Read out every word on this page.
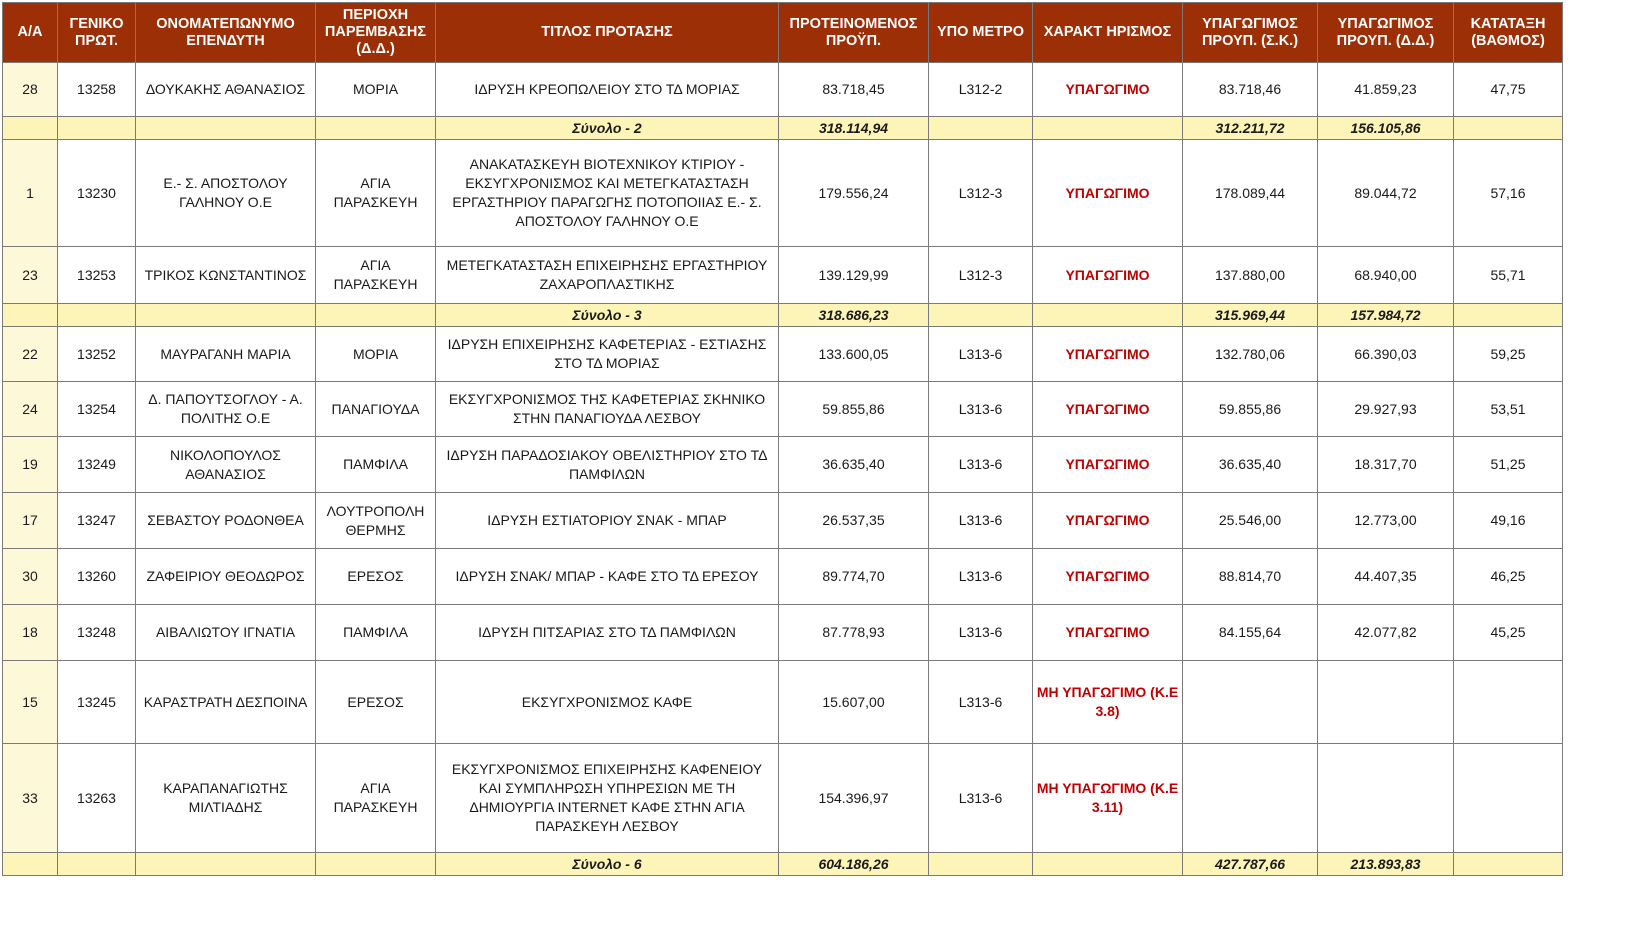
Α/Α	ΓΕΝΙΚΟ ΠΡΩΤ.	ΟΝΟΜΑΤΕΠΩΝΥΜΟ ΕΠΕΝΔΥΤΗ	ΠΕΡΙΟΧΗ ΠΑΡΕΜΒΑΣΗΣ (Δ.Δ.)	ΤΙΤΛΟΣ ΠΡΟΤΑΣΗΣ	ΠΡΟΤΕΙΝΟΜΕΝΟΣ ΠΡΟΫΠ.	ΥΠΟ ΜΕΤΡΟ	ΧΑΡΑΚΤ ΗΡΙΣΜΟΣ	ΥΠΑΓΩΓΙΜΟΣ ΠΡΟΥΠ. (Σ.Κ.)	ΥΠΑΓΩΓΙΜΟΣ ΠΡΟΥΠ. (Δ.Δ.)	ΚΑΤΑΤΑΞΗ (ΒΑΘΜΟΣ)
28	13258	ΔΟΥΚΑΚΗΣ ΑΘΑΝΑΣΙΟΣ	ΜΟΡΙΑ	ΙΔΡΥΣΗ ΚΡΕΟΠΩΛΕΙΟΥ ΣΤΟ ΤΔ ΜΟΡΙΑΣ	83.718,45	L312-2	ΥΠΑΓΩΓΙΜΟ	83.718,46	41.859,23	47,75
				Σύνολο - 2	318.114,94			312.211,72	156.105,86	
1	13230	Ε.- Σ. ΑΠΟΣΤΟΛΟΥ ΓΑΛΗΝΟΥ Ο.Ε	ΑΓΙΑ ΠΑΡΑΣΚΕΥΗ	ΑΝΑΚΑΤΑΣΚΕΥΗ ΒΙΟΤΕΧΝΙΚΟΥ ΚΤΙΡΙΟΥ - ΕΚΣΥΓΧΡΟΝΙΣΜΟΣ ΚΑΙ ΜΕΤΕΓΚΑΤΑΣΤΑΣΗ ΕΡΓΑΣΤΗΡΙΟΥ ΠΑΡΑΓΩΓΗΣ ΠΟΤΟΠΟΙΙΑΣ Ε.- Σ. ΑΠΟΣΤΟΛΟΥ ΓΑΛΗΝΟΥ Ο.Ε	179.556,24	L312-3	ΥΠΑΓΩΓΙΜΟ	178.089,44	89.044,72	57,16
23	13253	ΤΡΙΚΟΣ ΚΩΝΣΤΑΝΤΙΝΟΣ	ΑΓΙΑ ΠΑΡΑΣΚΕΥΗ	ΜΕΤΕΓΚΑΤΑΣΤΑΣΗ ΕΠΙΧΕΙΡΗΣΗΣ ΕΡΓΑΣΤΗΡΙΟΥ ΖΑΧΑΡΟΠΛΑΣΤΙΚΗΣ	139.129,99	L312-3	ΥΠΑΓΩΓΙΜΟ	137.880,00	68.940,00	55,71
				Σύνολο - 3	318.686,23			315.969,44	157.984,72	
22	13252	ΜΑΥΡΑΓΑΝΗ ΜΑΡΙΑ	ΜΟΡΙΑ	ΙΔΡΥΣΗ ΕΠΙΧΕΙΡΗΣΗΣ ΚΑΦΕΤΕΡΙΑΣ - ΕΣΤΙΑΣΗΣ ΣΤΟ ΤΔ ΜΟΡΙΑΣ	133.600,05	L313-6	ΥΠΑΓΩΓΙΜΟ	132.780,06	66.390,03	59,25
24	13254	Δ. ΠΑΠΟΥΤΣΟΓΛΟΥ - Α. ΠΟΛΙΤΗΣ Ο.Ε	ΠΑΝΑΓΙΟΥΔΑ	ΕΚΣΥΓΧΡΟΝΙΣΜΟΣ ΤΗΣ ΚΑΦΕΤΕΡΙΑΣ ΣΚΗΝΙΚΟ ΣΤΗΝ ΠΑΝΑΓΙΟΥΔΑ ΛΕΣΒΟΥ	59.855,86	L313-6	ΥΠΑΓΩΓΙΜΟ	59.855,86	29.927,93	53,51
19	13249	ΝΙΚΟΛΟΠΟΥΛΟΣ ΑΘΑΝΑΣΙΟΣ	ΠΑΜΦΙΛΑ	ΙΔΡΥΣΗ ΠΑΡΑΔΟΣΙΑΚΟΥ ΟΒΕΛΙΣΤΗΡΙΟΥ ΣΤΟ ΤΔ ΠΑΜΦΙΛΩΝ	36.635,40	L313-6	ΥΠΑΓΩΓΙΜΟ	36.635,40	18.317,70	51,25
17	13247	ΣΕΒΑΣΤΟΥ ΡΟΔΟΝΘΕΑ	ΛΟΥΤΡΟΠΟΛΗ ΘΕΡΜΗΣ	ΙΔΡΥΣΗ ΕΣΤΙΑΤΟΡΙΟΥ ΣΝΑΚ - ΜΠΑΡ	26.537,35	L313-6	ΥΠΑΓΩΓΙΜΟ	25.546,00	12.773,00	49,16
30	13260	ΖΑΦΕΙΡΙΟΥ ΘΕΟΔΩΡΟΣ	ΕΡΕΣΟΣ	ΙΔΡΥΣΗ ΣΝΑΚ/ ΜΠΑΡ - ΚΑΦΕ ΣΤΟ ΤΔ ΕΡΕΣΟΥ	89.774,70	L313-6	ΥΠΑΓΩΓΙΜΟ	88.814,70	44.407,35	46,25
18	13248	ΑΙΒΑΛΙΩΤΟΥ ΙΓΝΑΤΙΑ	ΠΑΜΦΙΛΑ	ΙΔΡΥΣΗ ΠΙΤΣΑΡΙΑΣ ΣΤΟ ΤΔ ΠΑΜΦΙΛΩΝ	87.778,93	L313-6	ΥΠΑΓΩΓΙΜΟ	84.155,64	42.077,82	45,25
15	13245	ΚΑΡΑΣΤΡΑΤΗ ΔΕΣΠΟΙΝΑ	ΕΡΕΣΟΣ	ΕΚΣΥΓΧΡΟΝΙΣΜΟΣ ΚΑΦΕ	15.607,00	L313-6	ΜΗ ΥΠΑΓΩΓΙΜΟ (Κ.Ε 3.8)			
33	13263	ΚΑΡΑΠΑΝΑΓΙΩΤΗΣ ΜΙΛΤΙΑΔΗΣ	ΑΓΙΑ ΠΑΡΑΣΚΕΥΗ	ΕΚΣΥΓΧΡΟΝΙΣΜΟΣ ΕΠΙΧΕΙΡΗΣΗΣ ΚΑΦΕΝΕΙΟΥ ΚΑΙ ΣΥΜΠΛΗΡΩΣΗ ΥΠΗΡΕΣΙΩΝ ΜΕ ΤΗ ΔΗΜΙΟΥΡΓΙΑ INTERNET ΚΑΦΕ ΣΤΗΝ ΑΓΙΑ ΠΑΡΑΣΚΕΥΗ ΛΕΣΒΟΥ	154.396,97	L313-6	ΜΗ ΥΠΑΓΩΓΙΜΟ (Κ.Ε 3.11)			
				Σύνολο - 6	604.186,26			427.787,66	213.893,83	
